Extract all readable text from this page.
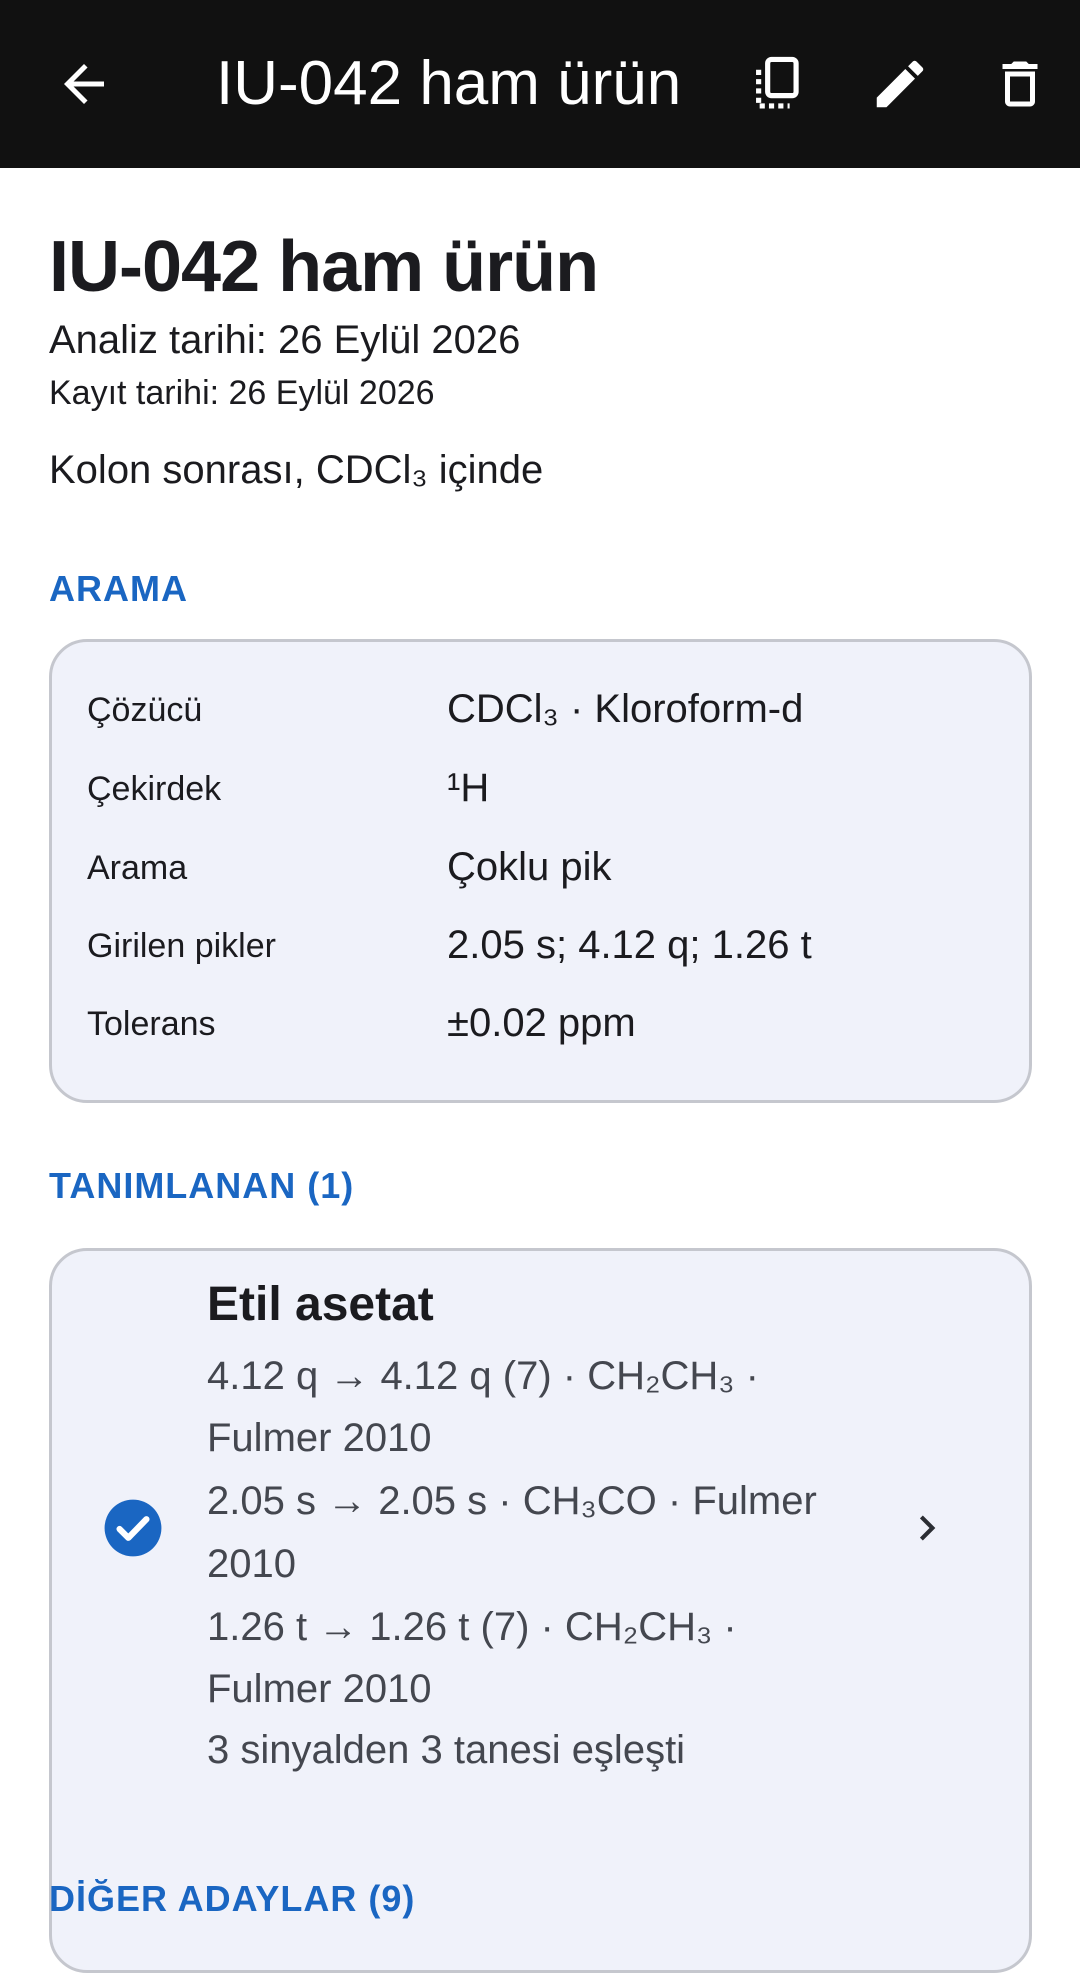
IU-042 ham ürün
IU-042 ham ürün
Analiz tarihi: 26 Eylül 2026
Kayıt tarihi: 26 Eylül 2026
Kolon sonrası, CDCl₃ içinde
ARAMA
Çözücü	CDCl₃ · Kloroform-d
Çekirdek	¹H
Arama	Çoklu pik
Girilen pikler	2.05 s; 4.12 q; 1.26 t
Tolerans	±0.02 ppm
TANIMLANAN (1)
Etil asetat
4.12 q → 4.12 q (7) · CH₂CH₃ ·
Fulmer 2010
2.05 s → 2.05 s · CH₃CO · Fulmer
2010
1.26 t → 1.26 t (7) · CH₂CH₃ ·
Fulmer 2010
3 sinyalden 3 tanesi eşleşti
DİĞER ADAYLAR (9)
